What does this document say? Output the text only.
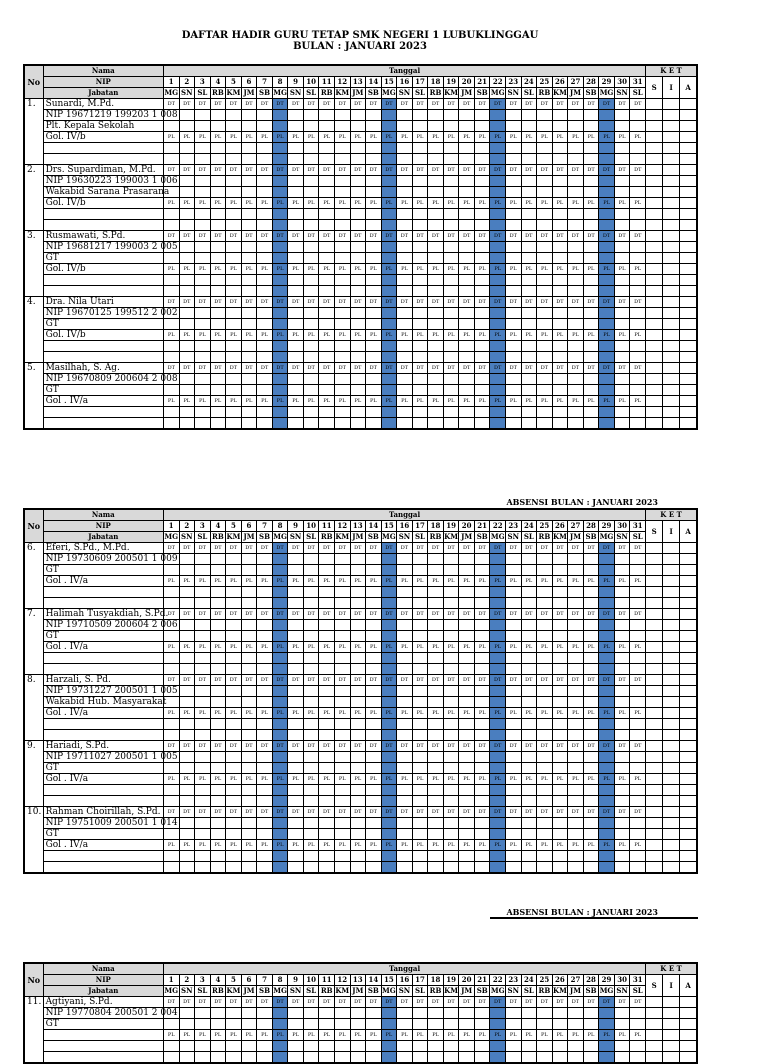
DAFTAR HADIR GURU TETAP SMK NEGERI 1 LUBUKLINGGAU
BULAN : JANUARI 2023
ABSENSI BULAN : JANUARI 2023
ABSENSI BULAN : JANUARI 2023
No	Nama	Tanggal																															K E T		
	NIP	1	2	3	4	5	6	7	8	9	10	11	12	13	14	15	16	17	18	19	20	21	22	23	24	25	26	27	28	29	30	31	S	I	A
	Jabatan	MG	SN	SL	RB	KM	JM	SB	MG	SN	SL	RB	KM	JM	SB	MG	SN	SL	RB	KM	JM	SB	MG	SN	SL	RB	KM	JM	SB	MG	SN	SL			
1.	Sunardi, M.Pd.	DT	DT	DT	DT	DT	DT	DT	DT	DT	DT	DT	DT	DT	DT	DT	DT	DT	DT	DT	DT	DT	DT	DT	DT	DT	DT	DT	DT	DT	DT	DT			
	NIP 19671219 199203 1 008																																		
	Plt. Kepala Sekolah																																		
	Gol. IV/b	PL	PL	PL	PL	PL	PL	PL	PL	PL	PL	PL	PL	PL	PL	PL	PL	PL	PL	PL	PL	PL	PL	PL	PL	PL	PL	PL	PL	PL	PL	PL			

2.	Drs. Supardiman, M.Pd.	DT	DT	DT	DT	DT	DT	DT	DT	DT	DT	DT	DT	DT	DT	DT	DT	DT	DT	DT	DT	DT	DT	DT	DT	DT	DT	DT	DT	DT	DT	DT			
	NIP 19630223 199003 1 006																																		
	Wakabid Sarana Prasarana																																		
	Gol. IV/b	PL	PL	PL	PL	PL	PL	PL	PL	PL	PL	PL	PL	PL	PL	PL	PL	PL	PL	PL	PL	PL	PL	PL	PL	PL	PL	PL	PL	PL	PL	PL			

3.	Rusmawati, S.Pd.	DT	DT	DT	DT	DT	DT	DT	DT	DT	DT	DT	DT	DT	DT	DT	DT	DT	DT	DT	DT	DT	DT	DT	DT	DT	DT	DT	DT	DT	DT	DT			
	NIP 19681217 199003 2 005																																		
	GT																																		
	Gol. IV/b	PL	PL	PL	PL	PL	PL	PL	PL	PL	PL	PL	PL	PL	PL	PL	PL	PL	PL	PL	PL	PL	PL	PL	PL	PL	PL	PL	PL	PL	PL	PL			

4.	Dra. Nila Utari	DT	DT	DT	DT	DT	DT	DT	DT	DT	DT	DT	DT	DT	DT	DT	DT	DT	DT	DT	DT	DT	DT	DT	DT	DT	DT	DT	DT	DT	DT	DT			
	NIP 19670125 199512 2 002																																		
	GT																																		
	Gol. IV/b	PL	PL	PL	PL	PL	PL	PL	PL	PL	PL	PL	PL	PL	PL	PL	PL	PL	PL	PL	PL	PL	PL	PL	PL	PL	PL	PL	PL	PL	PL	PL			

5.	Masilhah, S. Ag.	DT	DT	DT	DT	DT	DT	DT	DT	DT	DT	DT	DT	DT	DT	DT	DT	DT	DT	DT	DT	DT	DT	DT	DT	DT	DT	DT	DT	DT	DT	DT			
	NIP 19670809 200604 2 008																																		
	GT																																		
	Gol . IV/a	PL	PL	PL	PL	PL	PL	PL	PL	PL	PL	PL	PL	PL	PL	PL	PL	PL	PL	PL	PL	PL	PL	PL	PL	PL	PL	PL	PL	PL	PL	PL			

No	Nama	Tanggal																															K E T		
	NIP	1	2	3	4	5	6	7	8	9	10	11	12	13	14	15	16	17	18	19	20	21	22	23	24	25	26	27	28	29	30	31	S	I	A
	Jabatan	MG	SN	SL	RB	KM	JM	SB	MG	SN	SL	RB	KM	JM	SB	MG	SN	SL	RB	KM	JM	SB	MG	SN	SL	RB	KM	JM	SB	MG	SN	SL			
6.	Eferi, S.Pd., M.Pd.	DT	DT	DT	DT	DT	DT	DT	DT	DT	DT	DT	DT	DT	DT	DT	DT	DT	DT	DT	DT	DT	DT	DT	DT	DT	DT	DT	DT	DT	DT	DT			
	NIP 19730609 200501 1 009																																		
	GT																																		
	Gol . IV/a	PL	PL	PL	PL	PL	PL	PL	PL	PL	PL	PL	PL	PL	PL	PL	PL	PL	PL	PL	PL	PL	PL	PL	PL	PL	PL	PL	PL	PL	PL	PL			

7.	Halimah Tusyakdiah, S.Pd.	DT	DT	DT	DT	DT	DT	DT	DT	DT	DT	DT	DT	DT	DT	DT	DT	DT	DT	DT	DT	DT	DT	DT	DT	DT	DT	DT	DT	DT	DT	DT			
	NIP 19710509 200604 2 006																																		
	GT																																		
	Gol . IV/a	PL	PL	PL	PL	PL	PL	PL	PL	PL	PL	PL	PL	PL	PL	PL	PL	PL	PL	PL	PL	PL	PL	PL	PL	PL	PL	PL	PL	PL	PL	PL			

8.	Harzali, S. Pd.	DT	DT	DT	DT	DT	DT	DT	DT	DT	DT	DT	DT	DT	DT	DT	DT	DT	DT	DT	DT	DT	DT	DT	DT	DT	DT	DT	DT	DT	DT	DT			
	NIP 19731227 200501 1 005																																		
	Wakabid Hub. Masyarakat																																		
	Gol . IV/a	PL	PL	PL	PL	PL	PL	PL	PL	PL	PL	PL	PL	PL	PL	PL	PL	PL	PL	PL	PL	PL	PL	PL	PL	PL	PL	PL	PL	PL	PL	PL			

9.	Hariadi, S.Pd.	DT	DT	DT	DT	DT	DT	DT	DT	DT	DT	DT	DT	DT	DT	DT	DT	DT	DT	DT	DT	DT	DT	DT	DT	DT	DT	DT	DT	DT	DT	DT			
	NIP 19711027 200501 1 005																																		
	GT																																		
	Gol . IV/a	PL	PL	PL	PL	PL	PL	PL	PL	PL	PL	PL	PL	PL	PL	PL	PL	PL	PL	PL	PL	PL	PL	PL	PL	PL	PL	PL	PL	PL	PL	PL			

10.	Rahman Choirillah, S.Pd.	DT	DT	DT	DT	DT	DT	DT	DT	DT	DT	DT	DT	DT	DT	DT	DT	DT	DT	DT	DT	DT	DT	DT	DT	DT	DT	DT	DT	DT	DT	DT			
	NIP 19751009 200501 1 014																																		
	GT																																		
	Gol . IV/a	PL	PL	PL	PL	PL	PL	PL	PL	PL	PL	PL	PL	PL	PL	PL	PL	PL	PL	PL	PL	PL	PL	PL	PL	PL	PL	PL	PL	PL	PL	PL			

No	Nama	Tanggal																															K E T		
	NIP	1	2	3	4	5	6	7	8	9	10	11	12	13	14	15	16	17	18	19	20	21	22	23	24	25	26	27	28	29	30	31	S	I	A
	Jabatan	MG	SN	SL	RB	KM	JM	SB	MG	SN	SL	RB	KM	JM	SB	MG	SN	SL	RB	KM	JM	SB	MG	SN	SL	RB	KM	JM	SB	MG	SN	SL			
11.	Agtiyani, S.Pd.	DT	DT	DT	DT	DT	DT	DT	DT	DT	DT	DT	DT	DT	DT	DT	DT	DT	DT	DT	DT	DT	DT	DT	DT	DT	DT	DT	DT	DT	DT	DT			
	NIP 19770804 200501 2 004																																		
	GT																																		
		PL	PL	PL	PL	PL	PL	PL	PL	PL	PL	PL	PL	PL	PL	PL	PL	PL	PL	PL	PL	PL	PL	PL	PL	PL	PL	PL	PL	PL	PL	PL			
